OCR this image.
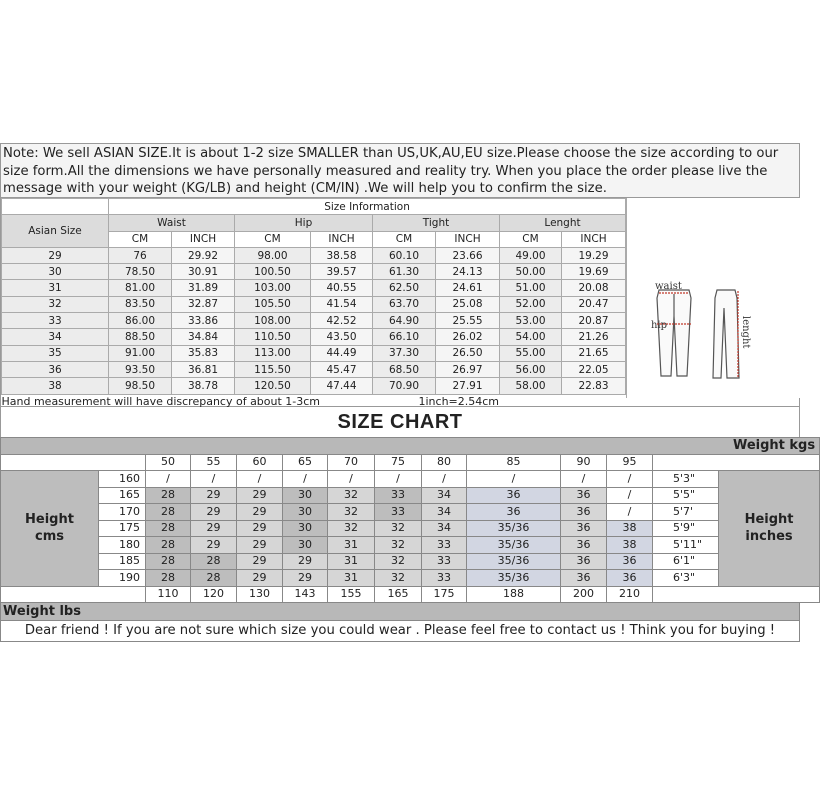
Note: We sell ASIAN SIZE.It is about 1-2 size SMALLER than US,UK,AU,EU size.Please choose the size according to our size form.All the dimensions we have personally measured and reality try. When you place the order please live the message with your weight (KG/LB) and height (CM/IN) .We will help you to confirm the size.
	Size Information							
Asian Size	Waist		Hip		Tight		Lenght	
	CM	INCH	CM	INCH	CM	INCH	CM	INCH
29	76	29.92	98.00	38.58	60.10	23.66	49.00	19.29
30	78.50	30.91	100.50	39.57	61.30	24.13	50.00	19.69
31	81.00	31.89	103.00	40.55	62.50	24.61	51.00	20.08
32	83.50	32.87	105.50	41.54	63.70	25.08	52.00	20.47
33	86.00	33.86	108.00	42.52	64.90	25.55	53.00	20.87
34	88.50	34.84	110.50	43.50	66.10	26.02	54.00	21.26
35	91.00	35.83	113.00	44.49	37.30	26.50	55.00	21.65
36	93.50	36.81	115.50	45.47	68.50	26.97	56.00	22.05
38	98.50	38.78	120.50	47.44	70.90	27.91	58.00	22.83
Hand measurement will have discrepancy of about 1-3cm					1inch=2.54cm			
waist
hip	lenght
SIZE CHART
Weight kgs													
		50	55	60	65	70	75	80	85	90	95		
Height
cms	160	/	/	/	/	/	/	/	/	/	/	5'3"	Height
inches
	165	28	29	29	30	32	33	34	36	36	/	5'5"	
	170	28	29	29	30	32	33	34	36	36	/	5'7'	
	175	28	29	29	30	32	32	34	35/36	36	38	5'9"	
	180	28	29	29	30	31	32	33	35/36	36	38	5'11"	
	185	28	28	29	29	31	32	33	35/36	36	36	6'1"	
	190	28	28	29	29	31	32	33	35/36	36	36	6'3"	
		110	120	130	143	155	165	175	188	200	210		
Weight lbs
Dear friend ! If you are not sure which size you could wear . Please feel free to contact us ! Think you for buying !
